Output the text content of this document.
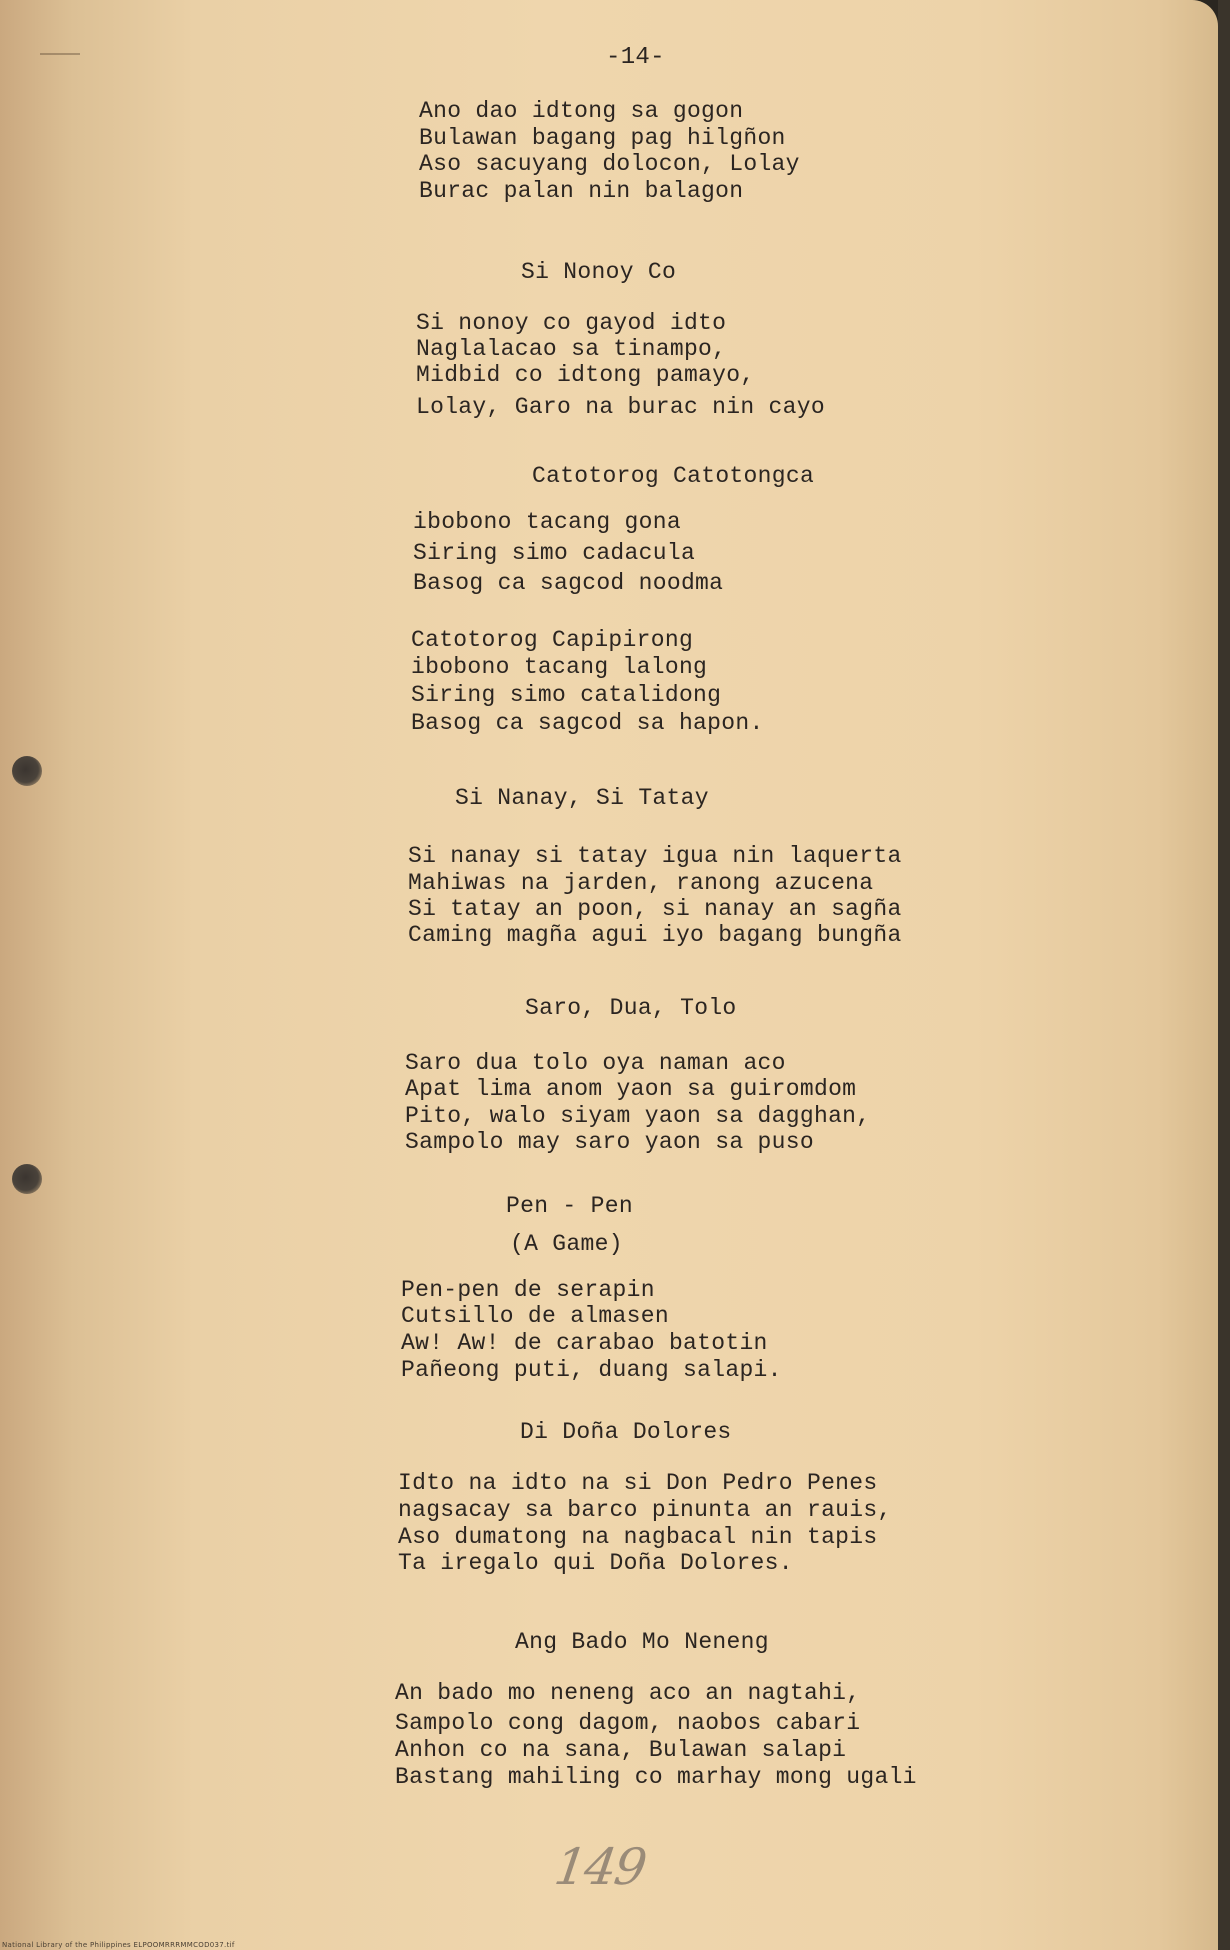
-14-
Ano dao idtong sa gogon
Bulawan bagang pag hilgñon
Aso sacuyang dolocon, Lolay
Burac palan nin balagon
Si Nonoy Co
Si nonoy co gayod idto
Naglalacao sa tinampo,
Midbid co idtong pamayo,
Lolay, Garo na burac nin cayo
Catotorog Catotongca
ibobono tacang gona
Siring simo cadacula
Basog ca sagcod noodma
Catotorog Capipirong
ibobono tacang lalong
Siring simo catalidong
Basog ca sagcod sa hapon.
Si Nanay, Si Tatay
Si nanay si tatay igua nin laquerta
Mahiwas na jarden, ranong azucena
Si tatay an poon, si nanay an sagña
Caming magña agui iyo bagang bungña
Saro, Dua, Tolo
Saro dua tolo oya naman aco
Apat lima anom yaon sa guiromdom
Pito, walo siyam yaon sa dagghan,
Sampolo may saro yaon sa puso
Pen - Pen
(A Game)
Pen-pen de serapin
Cutsillo de almasen
Aw! Aw! de carabao batotin
Pañeong puti, duang salapi.
Di Doña Dolores
Idto na idto na si Don Pedro Penes
nagsacay sa barco pinunta an rauis,
Aso dumatong na nagbacal nin tapis
Ta iregalo qui Doña Dolores.
Ang Bado Mo Neneng
An bado mo neneng aco an nagtahi,
Sampolo cong dagom, naobos cabari
Anhon co na sana, Bulawan salapi
Bastang mahiling co marhay mong ugali
149
National Library of the Philippines ELPOOMRRRMMCOD037.tif
